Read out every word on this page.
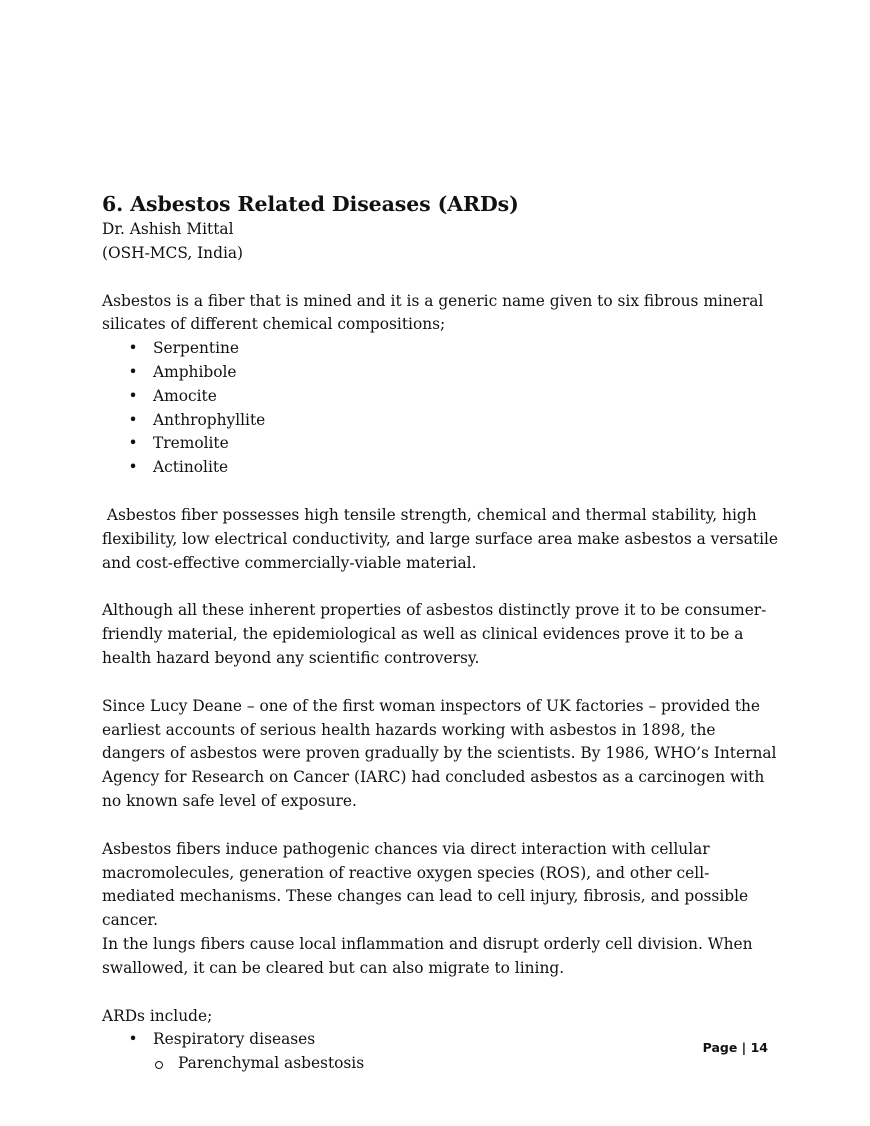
6. Asbestos Related Diseases (ARDs)

Dr. Ashish Mittal

(OSH-MCS, India)

Asbestos is a fiber that is mined and it is a generic name given to six fibrous mineral silicates of different chemical compositions;

• Serpentine
• Amphibole
• Amocite
• Anthrophyllite
• Tremolite
• Actinolite

Asbestos fiber possesses high tensile strength, chemical and thermal stability, high flexibility, low electrical conductivity, and large surface area make asbestos a versatile and cost-effective commercially-viable material.

Although all these inherent properties of asbestos distinctly prove it to be consumer-friendly material, the epidemiological as well as clinical evidences prove it to be a health hazard beyond any scientific controversy.

Since Lucy Deane – one of the first woman inspectors of UK factories – provided the earliest accounts of serious health hazards working with asbestos in 1898, the dangers of asbestos were proven gradually by the scientists. By 1986, WHO’s Internal Agency for Research on Cancer (IARC) had concluded asbestos as a carcinogen with no known safe level of exposure.

Asbestos fibers induce pathogenic chances via direct interaction with cellular macromolecules, generation of reactive oxygen species (ROS), and other cell-mediated mechanisms. These changes can lead to cell injury, fibrosis, and possible cancer.

In the lungs fibers cause local inflammation and disrupt orderly cell division. When swallowed, it can be cleared but can also migrate to lining.

ARDs include;

• Respiratory diseases
Parenchymal asbestosis
Page | 14
